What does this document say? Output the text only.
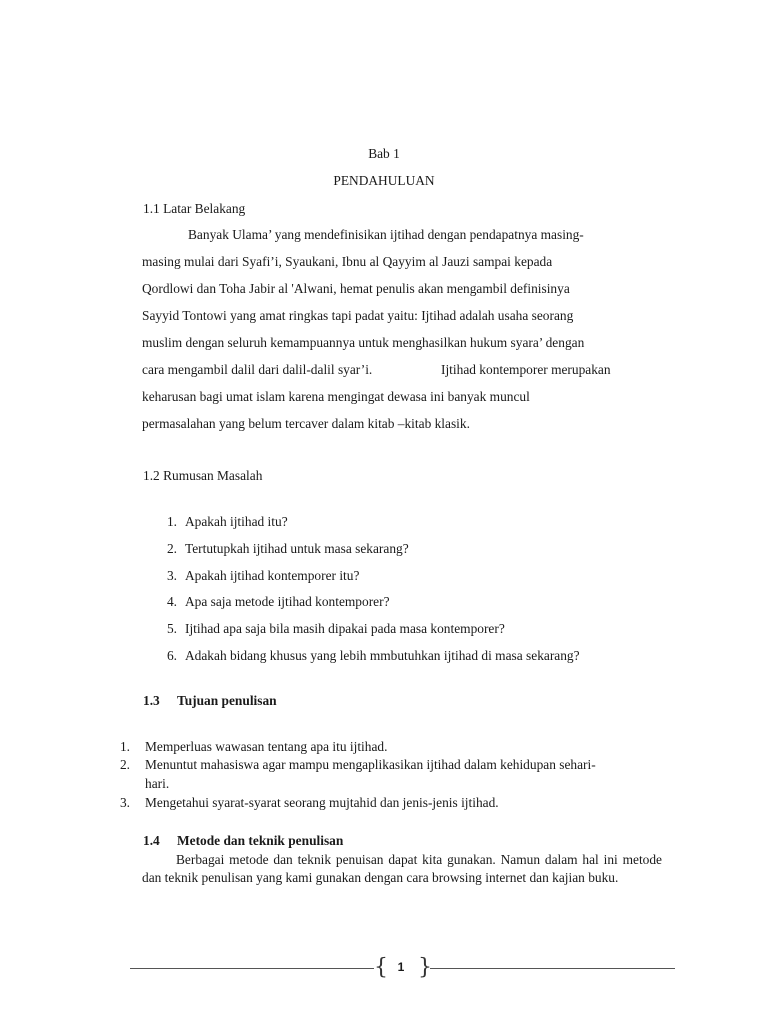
Bab 1
PENDAHULUAN
1.1 Latar Belakang
Banyak Ulama’ yang mendefinisikan ijtihad dengan pendapatnya masing-
masing mulai dari Syafi’i, Syaukani, Ibnu al Qayyim al Jauzi sampai kepada
Qordlowi dan Toha Jabir al 'Alwani, hemat penulis akan mengambil definisinya
Sayyid Tontowi yang amat ringkas tapi padat yaitu: Ijtihad adalah usaha seorang
muslim dengan seluruh kemampuannya untuk menghasilkan hukum syara’ dengan
cara mengambil dalil dari dalil-dalil syar’i.	Ijtihad kontemporer merupakan
keharusan bagi umat islam karena mengingat dewasa ini banyak muncul
permasalahan yang belum tercaver dalam kitab –kitab klasik.
1.2 Rumusan Masalah
1. Apakah ijtihad itu?
2. Tertutupkah ijtihad untuk masa sekarang?
3. Apakah ijtihad kontemporer itu?
4. Apa saja metode ijtihad kontemporer?
5. Ijtihad apa saja bila masih dipakai pada masa kontemporer?
6. Adakah bidang khusus yang lebih mmbutuhkan ijtihad di masa sekarang?
1.3 Tujuan penulisan
1. Memperluas wawasan tentang apa itu ijtihad.
2. Menuntut mahasiswa agar mampu mengaplikasikan ijtihad dalam kehidupan sehari-
hari.
3. Mengetahui syarat-syarat seorang mujtahid dan jenis-jenis ijtihad.
1.4 Metode dan teknik penulisan
Berbagai metode dan teknik penuisan dapat kita gunakan. Namun dalam hal ini metode dan teknik penulisan yang kami gunakan dengan cara browsing internet dan kajian buku.
{ }
1
